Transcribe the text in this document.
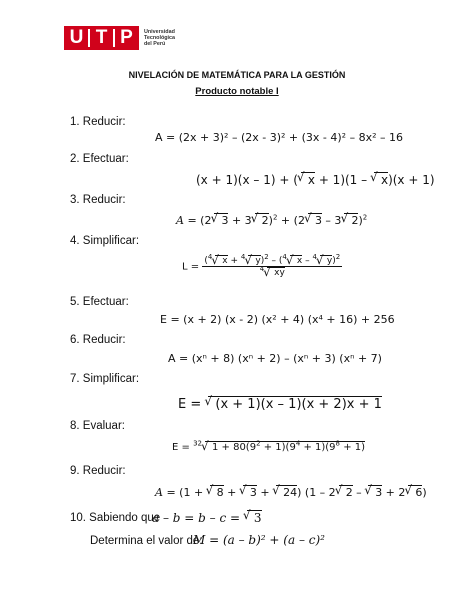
U T P	Universidad
Tecnológica
del Perú
NIVELACIÓN DE MATEMÁTICA PARA LA GESTIÓN
Producto notable I
1. Reducir:
A = (2x + 3)² – (2x - 3)² + (3x - 4)² – 8x² – 16
2. Efectuar:
(x + 1)(x – 1) + ( √ x + 1)(1 – √ x)(x + 1)
3. Reducir:
A = (2 √ 3 + 3 √ 2)$^2$ + (2 √ 3 – 3 √ 2)$^2$
4. Simplificar:
$L = \frac{(^4 √ x + ^4 √ y)^2 - (^4 √ x - ^4 √ y)^2}{^4 √ xy}$
5. Efectuar:
E = (x + 2) (x - 2) (x² + 4) (x⁴ + 16) + 256
6. Reducir:
A = (xⁿ + 8) (xⁿ + 2) – (xⁿ + 3) (xⁿ + 7)
7. Simplificar:
E = √ (x + 1)(x – 1)(x + 2)x + 1
8. Evaluar:
E = $^{32}$ √ $1 + 80(9^2 + 1)(9^4 + 1)(9^8 + 1)$
9. Reducir:
A = (1 + √ 8 + √ 3 + √ 24) (1 – 2 √ 2 – √ 3 + 2 √ 6)
10. Sabiendo que
a – b = b – c = √ 3
Determina el valor de:
M = (a – b)² + (a – c)²
